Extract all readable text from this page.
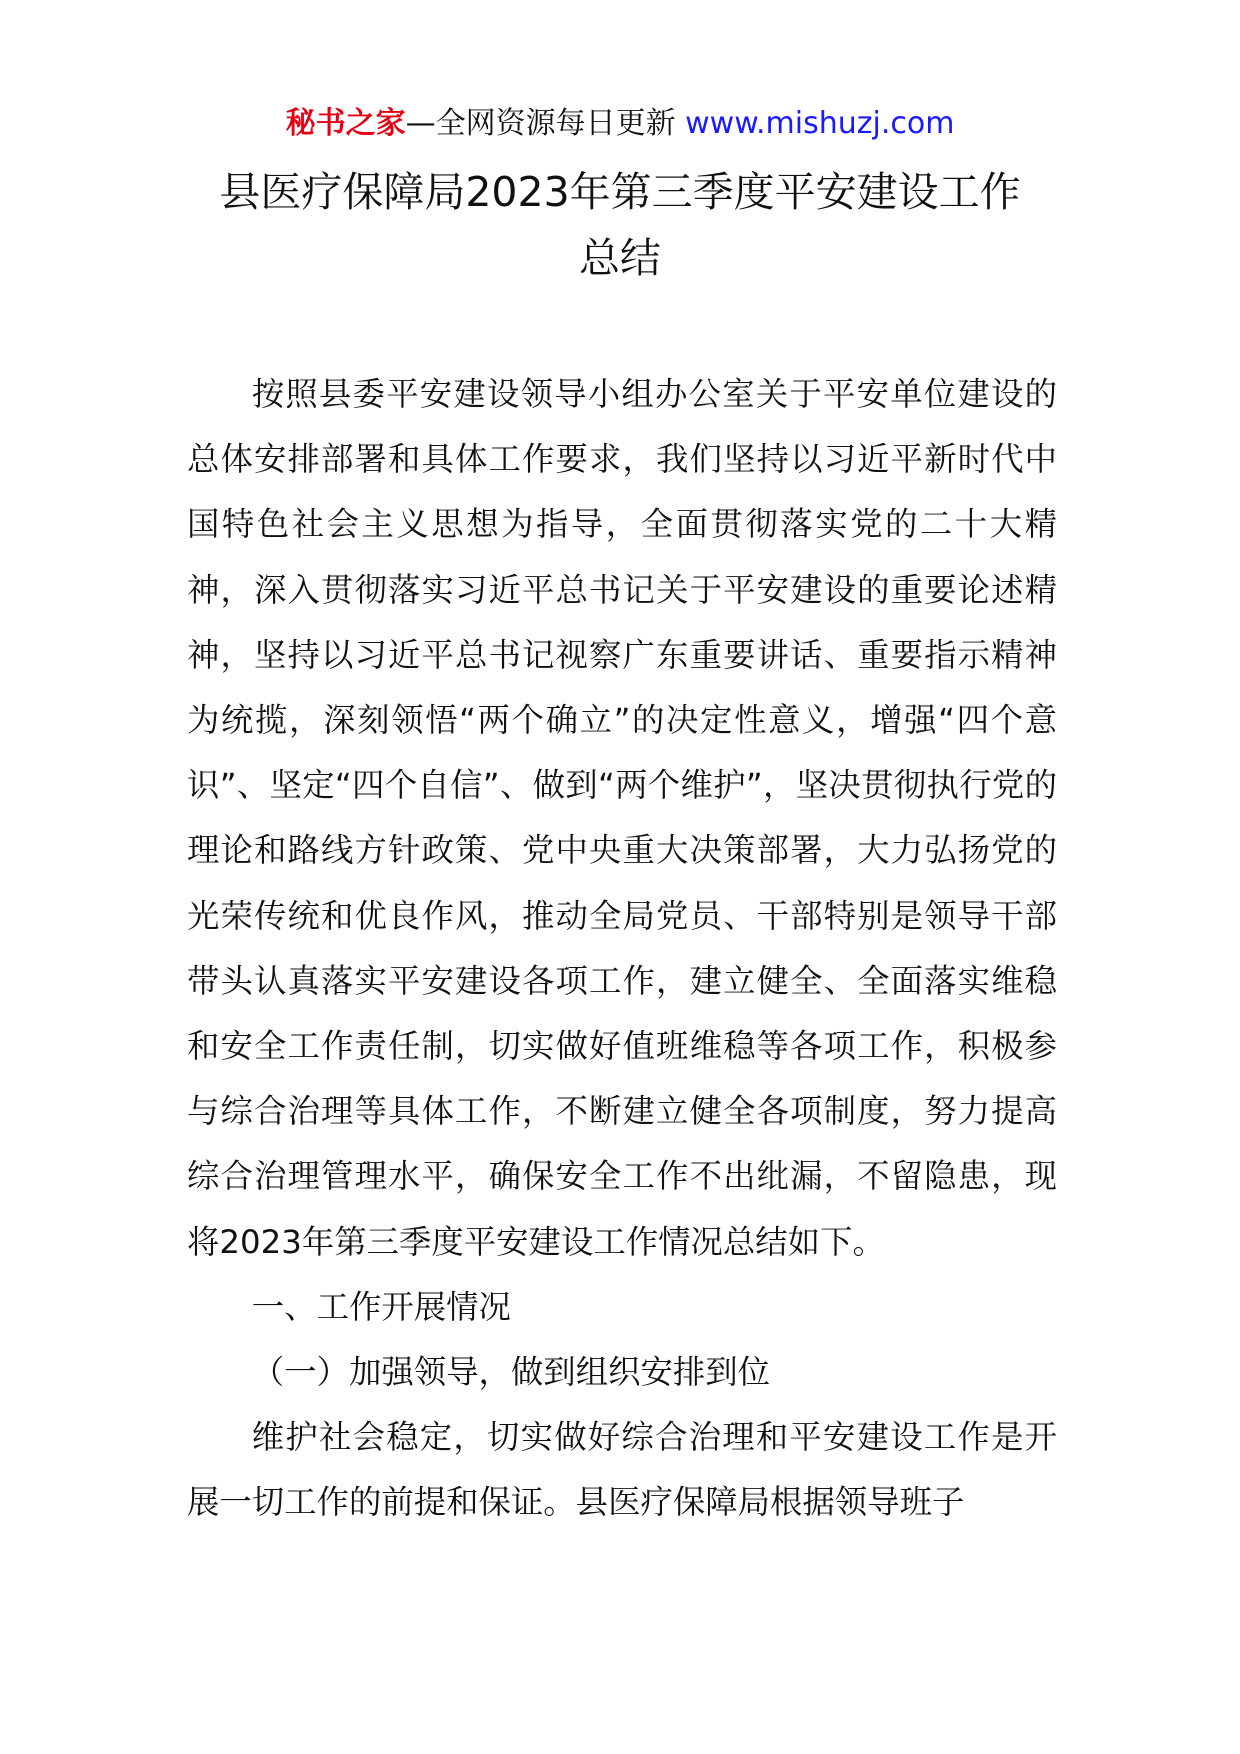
秘书之家—全网资源每日更新 www.mishuzj.com
县医疗保障局2023年第三季度平安建设工作
总结

按照县委平安建设领导小组办公室关于平安单位建设的总体安排部署和具体工作要求，我们坚持以习近平新时代中国特色社会主义思想为指导，全面贯彻落实党的二十大精神，深入贯彻落实习近平总书记关于平安建设的重要论述精神，坚持以习近平总书记视察广东重要讲话、重要指示精神为统揽，深刻领悟“两个确立”的决定性意义，增强“四个意识”、坚定“四个自信”、做到“两个维护”，坚决贯彻执行党的理论和路线方针政策、党中央重大决策部署，大力弘扬党的光荣传统和优良作风，推动全局党员、干部特别是领导干部带头认真落实平安建设各项工作，建立健全、全面落实维稳和安全工作责任制，切实做好值班维稳等各项工作，积极参与综合治理等具体工作，不断建立健全各项制度，努力提高综合治理管理水平，确保安全工作不出纰漏，不留隐患，现将2023年第三季度平安建设工作情况总结如下。

一、工作开展情况

（一）加强领导，做到组织安排到位

维护社会稳定，切实做好综合治理和平安建设工作是开展一切工作的前提和保证。县医疗保障局根据领导班子
